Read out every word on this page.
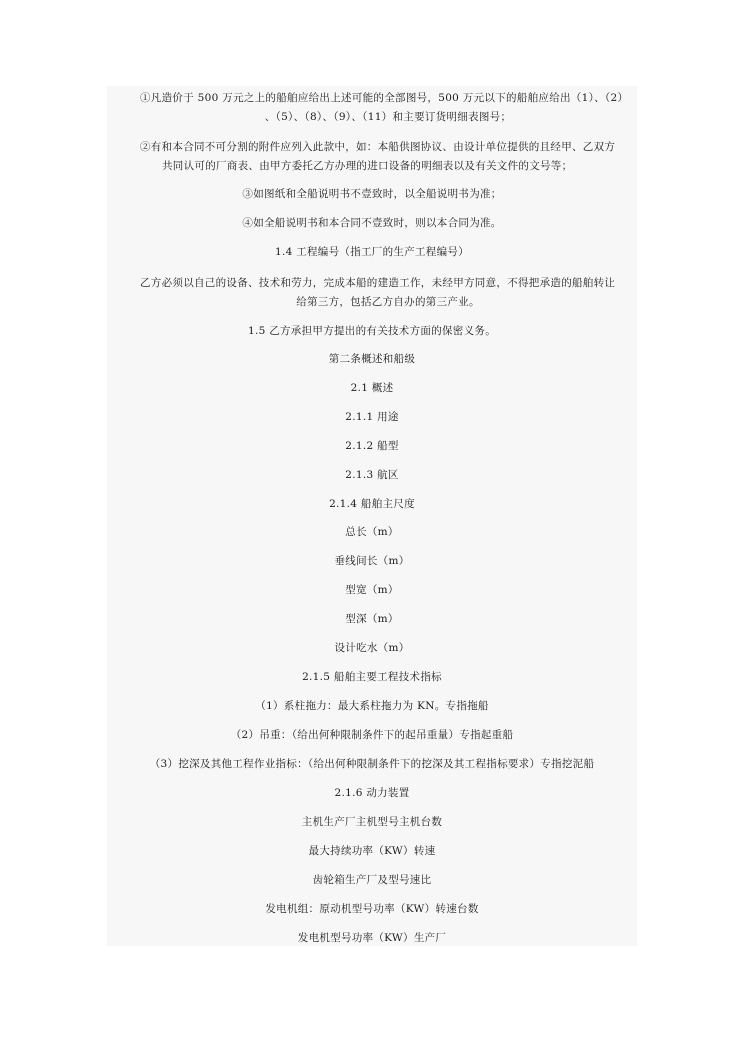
①凡造价于 500 万元之上的船舶应给出上述可能的全部图号，500 万元以下的船舶应给出（1）、（2）
、（5）、（8）、（9）、（11）和主要订货明细表图号；
②有和本合同不可分割的附件应列入此款中，如：本船供图协议、由设计单位提供的且经甲、乙双方
共同认可的厂商表、由甲方委托乙方办理的进口设备的明细表以及有关文件的文号等；
③如图纸和全船说明书不壹致时，以全船说明书为准；
④如全船说明书和本合同不壹致时，则以本合同为准。
1.4 工程编号（指工厂的生产工程编号）
乙方必须以自己的设备、技术和劳力，完成本船的建造工作，未经甲方同意，不得把承造的船舶转让
给第三方，包括乙方自办的第三产业。
1.5 乙方承担甲方提出的有关技术方面的保密义务。
第二条概述和船级
2.1 概述
2.1.1 用途
2.1.2 船型
2.1.3 航区
2.1.4 船舶主尺度
总长（m）
垂线间长（m）
型宽（m）
型深（m）
设计吃水（m）
2.1.5 船舶主要工程技术指标
（1）系柱拖力：最大系柱拖力为 KN。专指拖船
（2）吊重：（给出何种限制条件下的起吊重量）专指起重船
（3）挖深及其他工程作业指标：（给出何种限制条件下的挖深及其工程指标要求）专指挖泥船
2.1.6 动力装置
主机生产厂主机型号主机台数
最大持续功率（KW）转速
齿轮箱生产厂及型号速比
发电机组：原动机型号功率（KW）转速台数
发电机型号功率（KW）生产厂
